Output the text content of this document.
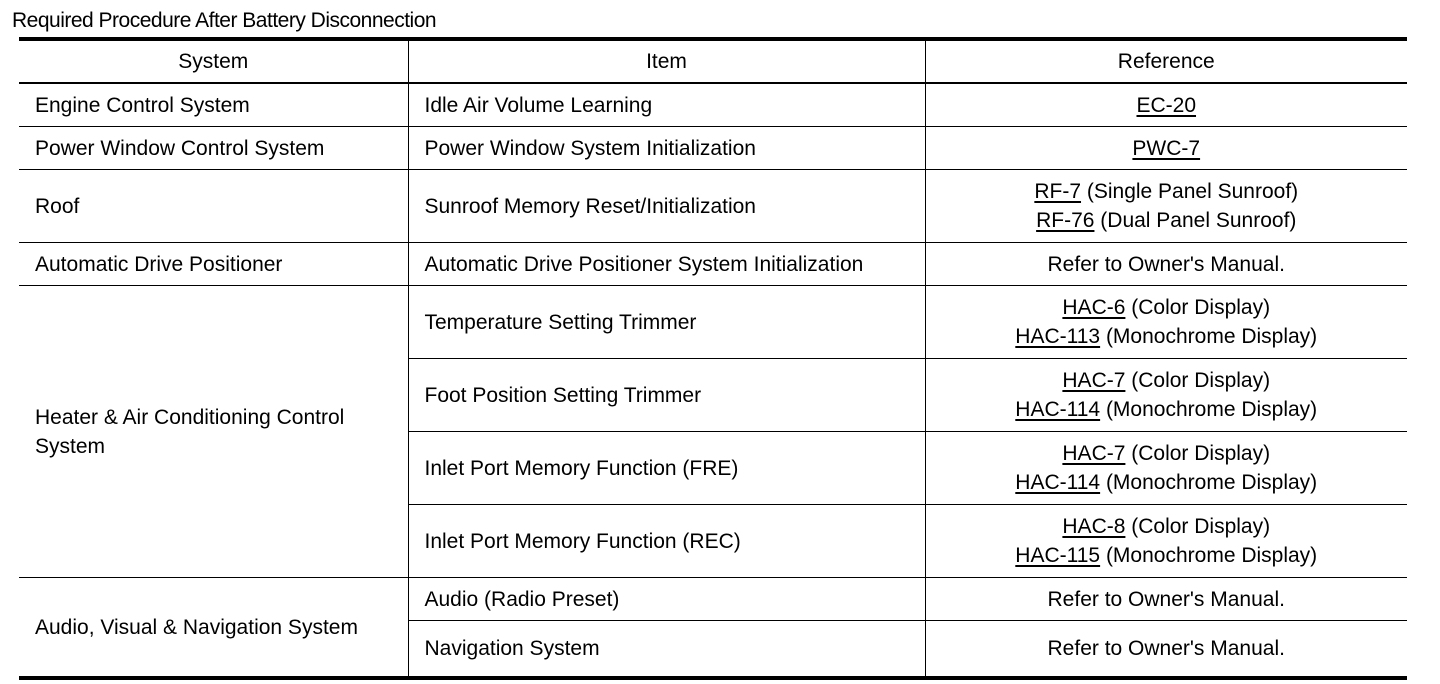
Required Procedure After Battery Disconnection
System	Item	Reference
Engine Control System	Idle Air Volume Learning	EC-20

Power Window Control System	Power Window System Initialization	PWC-7

Roof	Sunroof Memory Reset/Initialization	RF-7 (Single Panel Sunroof)
RF-76 (Dual Panel Sunroof)

Automatic Drive Positioner	Automatic Drive Positioner System Initialization	Refer to Owner's Manual.
Heater & Air Conditioning Control System	Temperature Setting Trimmer	HAC-6 (Color Display)
HAC-113 (Monochrome Display)

	Foot Position Setting Trimmer	HAC-7 (Color Display)
HAC-114 (Monochrome Display)

	Inlet Port Memory Function (FRE)	HAC-7 (Color Display)
HAC-114 (Monochrome Display)

	Inlet Port Memory Function (REC)	HAC-8 (Color Display)
HAC-115 (Monochrome Display)

Audio, Visual & Navigation System	Audio (Radio Preset)	Refer to Owner's Manual.
	Navigation System	Refer to Owner's Manual.
